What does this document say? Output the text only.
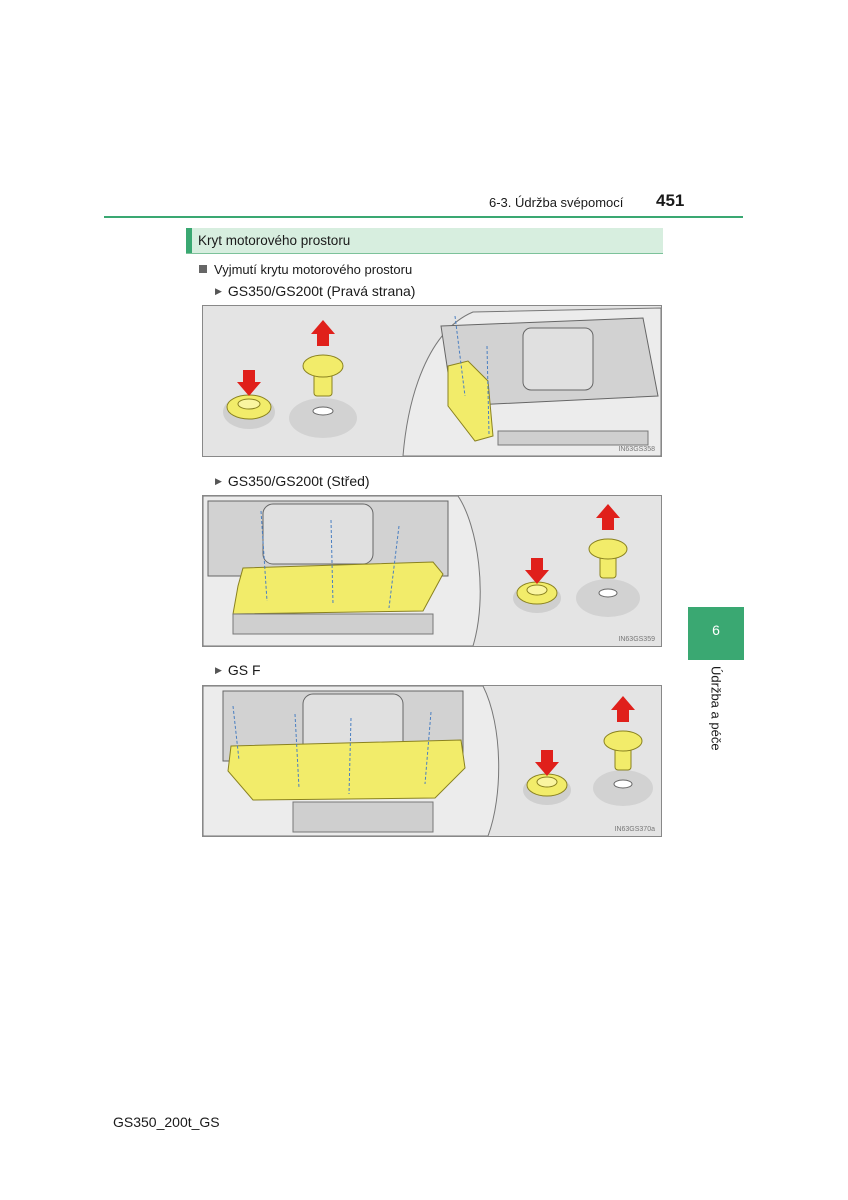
6-3. Údržba svépomocí 451
Kryt motorového prostoru
Vyjmutí krytu motorového prostoru
▶ GS350/GS200t (Pravá strana)
IN63GS358
▶ GS350/GS200t (Střed)
IN63GS359
▶ GS F
IN63GS370a
6
Údržba a péče
GS350_200t_GS
